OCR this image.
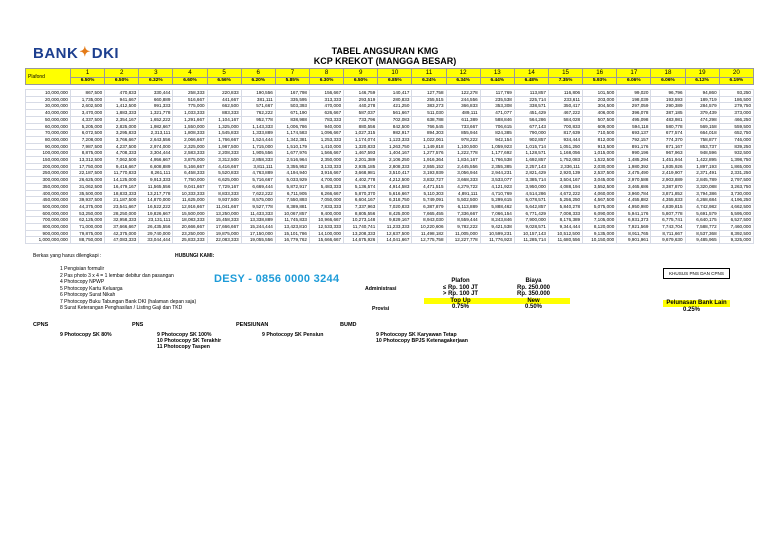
BANK✦DKI	TABEL ANGSURAN KMG
KCP KREKOT (MANGGA BESAR)
Plafond	1	2	3	4	5	6	7	8	9	10	11	12	13	14	15	16	17	18	19	20
	6.50%	6.50%	6.32%	6.60%	6.56%	6.20%	5.85%	6.30%	6.50%	6.85%	6.24%	6.34%	6.44%	6.48%	7.35%	5.93%	6.06%	6.06%	6.12%	6.19%

10,000,000	867,500	470,833	330,444	258,333	220,833	190,556	167,798	156,667	146,759	140,417	127,758	122,278	117,769	113,857	116,806	101,500	99,020	96,796	94,860	93,250
20,000,000	1,735,000	941,667	660,889	516,667	441,667	381,111	335,595	313,333	293,519	280,833	255,515	244,556	235,538	225,714	233,611	203,000	198,039	193,593	189,719	186,500
30,000,000	2,602,500	1,412,500	991,333	775,000	662,500	571,667	503,393	470,000	440,278	421,250	383,273	366,833	353,308	338,571	350,417	304,500	297,059	290,389	284,579	279,750
40,000,000	3,470,000	1,883,333	1,321,778	1,033,333	883,333	762,222	671,190	626,667	587,037	561,667	511,030	489,111	471,077	451,429	467,222	406,000	396,078	387,185	379,439	373,000
50,000,000	4,337,500	2,354,167	1,652,222	1,291,667	1,104,167	952,778	838,988	783,333	733,796	702,083	638,788	611,389	588,846	564,286	584,028	507,500	495,098	483,981	474,298	466,250
60,000,000	5,205,000	2,825,000	1,982,667	1,550,000	1,325,000	1,143,333	1,006,786	940,000	880,556	842,500	766,545	733,667	706,615	677,143	700,833	609,000	594,118	580,778	569,158	559,500
70,000,000	6,072,500	3,295,833	2,313,111	1,808,333	1,545,833	1,333,889	1,174,583	1,096,667	1,027,315	982,917	894,303	855,944	824,385	790,000	817,639	710,500	693,137	677,574	664,018	652,750
80,000,000	7,208,000	3,766,667	2,643,556	2,066,667	1,766,667	1,524,444	1,342,381	1,253,333	1,174,074	1,123,333	1,022,061	978,222	942,154	902,857	934,444	812,000	792,157	774,370	758,877	746,000
90,000,000	7,987,500	4,237,500	2,974,000	2,325,000	1,987,500	1,715,000	1,510,179	1,410,000	1,320,833	1,263,750	1,149,818	1,100,500	1,059,923	1,015,714	1,051,250	913,500	891,176	871,167	853,737	839,250
100,000,000	8,875,000	4,708,333	3,304,444	2,583,333	2,208,333	1,905,556	1,677,976	1,566,667	1,467,593	1,404,167	1,277,576	1,222,778	1,177,692	1,128,571	1,168,056	1,015,000	990,196	967,963	948,596	932,500
150,000,000	13,312,500	7,062,500	4,956,667	3,875,000	3,312,500	2,858,333	2,516,964	2,350,000	2,201,389	2,106,250	1,916,364	1,834,167	1,766,538	1,692,857	1,752,083	1,522,500	1,485,294	1,451,944	1,422,895	1,398,750
200,000,000	17,750,000	9,416,667	6,608,889	5,166,667	4,416,667	3,811,111	3,355,952	3,133,333	2,935,185	2,808,333	2,555,152	2,445,556	2,355,385	2,257,143	2,336,111	2,030,000	1,980,392	1,935,926	1,897,193	1,865,000
250,000,000	22,187,500	11,770,833	8,261,111	6,458,333	5,520,833	4,763,889	4,194,940	3,916,667	3,668,981	3,510,417	3,193,939	3,056,944	2,944,231	2,821,429	2,920,139	2,537,500	2,475,490	2,419,907	2,371,491	2,331,250
300,000,000	26,625,000	14,125,000	9,913,333	7,750,000	6,625,000	5,716,667	5,033,929	4,700,000	4,402,778	4,212,500	3,832,727	3,668,333	3,533,077	3,385,714	3,504,167	3,045,000	2,970,588	2,903,889	2,845,789	2,797,500
350,000,000	31,062,500	16,479,167	11,565,556	9,041,667	7,729,167	6,669,444	5,872,917	5,483,333	5,136,574	4,914,583	4,471,515	4,279,722	4,121,923	3,950,000	4,088,194	3,552,500	3,465,686	3,387,870	3,320,088	3,263,750
400,000,000	35,500,000	18,833,333	13,217,778	10,333,333	8,833,333	7,622,222	6,711,905	6,266,667	5,870,370	5,616,667	5,110,303	4,891,111	4,710,769	4,514,286	4,672,222	4,060,000	3,960,784	3,871,852	3,794,386	3,730,000
450,000,000	39,937,500	21,187,500	14,870,000	11,625,000	9,937,500	8,575,000	7,550,893	7,050,000	6,604,167	6,318,750	5,749,091	5,502,500	5,299,615	5,078,571	5,256,250	4,567,500	4,455,882	4,355,833	4,268,684	4,196,250
500,000,000	44,375,000	23,541,667	16,522,222	12,916,667	11,041,667	9,527,778	8,389,881	7,833,333	7,337,963	7,020,833	6,387,879	6,113,889	5,888,462	5,642,857	5,840,278	5,075,000	4,950,980	4,839,815	4,742,982	4,662,500
600,000,000	53,250,000	28,250,000	19,826,667	15,500,000	13,250,000	11,433,333	10,067,857	9,400,000	8,805,556	8,425,000	7,665,455	7,336,667	7,066,154	6,771,429	7,008,333	6,090,000	5,941,176	5,807,778	5,691,579	5,595,000
700,000,000	62,125,000	32,958,333	23,131,111	18,083,333	15,458,333	13,338,889	11,745,833	10,966,667	10,273,148	9,829,167	8,943,030	8,559,444	8,243,846	7,900,000	8,176,389	7,105,000	6,931,373	6,775,741	6,640,175	6,527,500
800,000,000	71,000,000	37,666,667	26,435,556	20,666,667	17,666,667	15,244,444	13,423,810	12,533,333	11,740,741	11,233,333	10,220,606	9,782,222	9,421,538	9,028,571	9,344,444	8,120,000	7,921,569	7,743,704	7,588,772	7,460,000
900,000,000	79,875,000	42,375,000	29,740,000	23,250,000	19,875,000	17,150,000	15,101,786	14,100,000	13,208,333	12,637,500	11,498,182	11,005,000	10,599,231	10,157,143	10,512,500	9,135,000	8,911,765	8,711,667	8,537,368	8,392,500
1,000,000,000	88,750,000	47,083,333	33,044,444	25,833,333	22,083,333	19,055,556	16,779,762	15,666,667	14,675,926	14,041,667	12,775,758	12,227,778	11,776,923	11,285,714	11,680,556	10,150,000	9,901,961	9,679,630	9,485,965	9,325,000
Berkas yang harus dilengkapi :
1 Pengisian formulir
2 Pas photo 3 x 4 = 1 lembar debitur dan pasangan
4 Photocopy NPWP
5 Photocopy Kartu Keluarga
6 Photocopy Surat Nikah
7 Photocopy Buku Tabungan Bank DKI (halaman depan saja)
8 Surat Keterangan Penghasilan / Listing Gaji dan TKD
HUBUNGI KAMI:
DESY - 0856 0000 3244
Administrasi
Provisi
Plafon	Biaya
≤ Rp. 100 JT	Rp. 250.000
> Rp. 100 JT	Rp. 350.000
Top Up	New
0.75%	0.50%
KHUSUS PNS DAN CPNS
Pelunasan Bank Lain
0.25%
CPNS
9 Photocopy SK 80%
PNS
9 Photocopy SK 100%
10 Photocopy SK Terakhir
11 Photocopy Taspen
PENSIUNAN
9 Photocopy SK Pensiun
BUMD
9 Photocopy SK Karyawan Tetap
10 Photocopy BPJS Ketenagakerjaan
